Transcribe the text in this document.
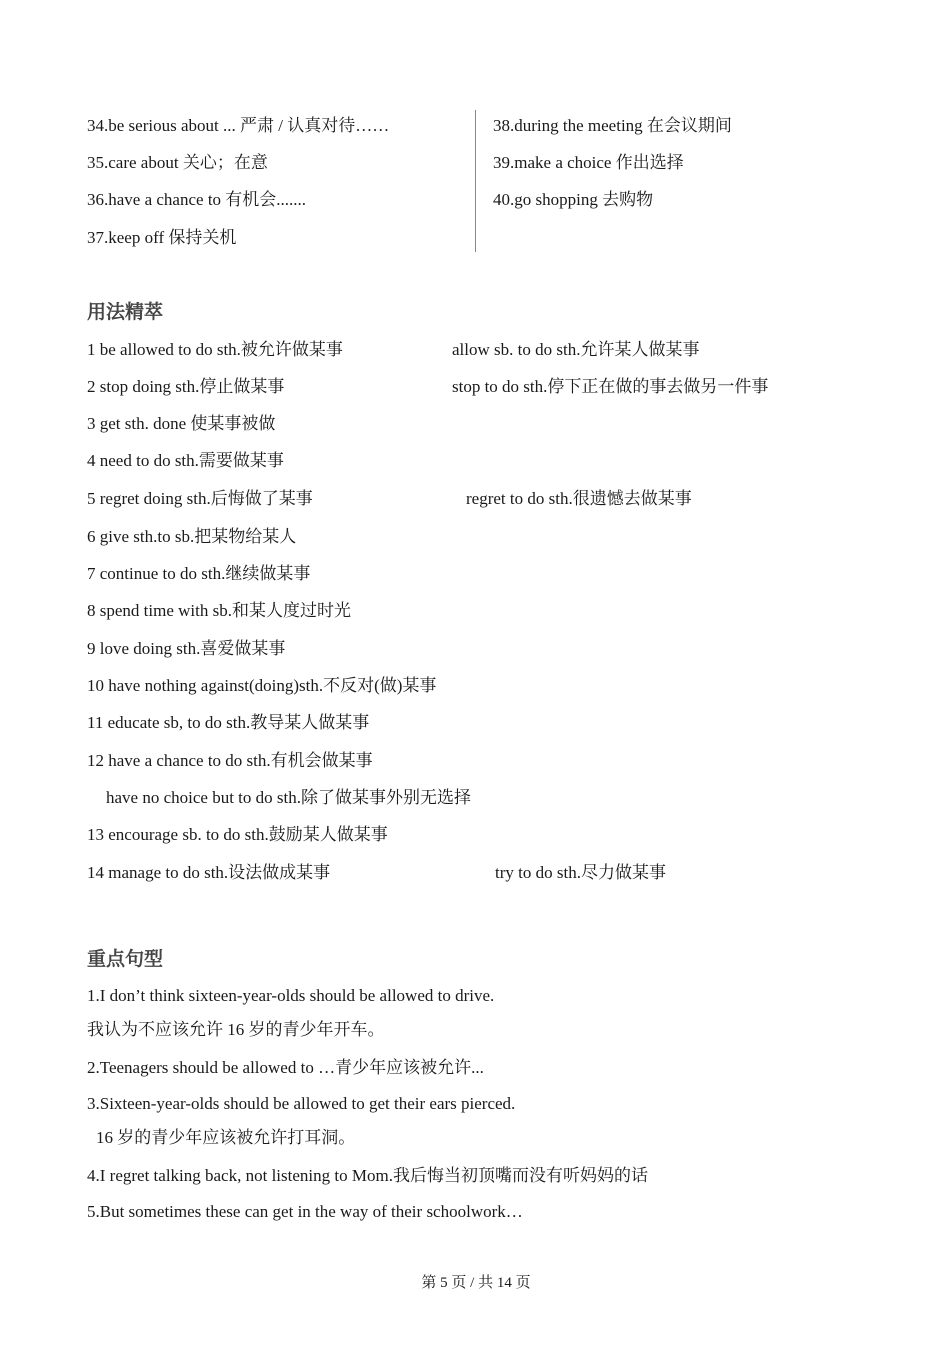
34.be serious about ... 严肃 / 认真对待……
35.care about 关心；在意
36.have a chance to 有机会.......
37.keep off 保持关机
38.during the meeting 在会议期间
39.make a choice 作出选择
40.go shopping 去购物
用法精萃
1 be allowed to do sth.被允许做某事	allow sb. to do sth.允许某人做某事
2 stop doing sth.停止做某事	stop to do sth.停下正在做的事去做另一件事
3 get sth. done 使某事被做
4 need to do sth.需要做某事
5 regret doing sth.后悔做了某事	regret to do sth.很遗憾去做某事
6 give sth.to sb.把某物给某人
7 continue to do sth.继续做某事
8 spend time with sb.和某人度过时光
9 love doing sth.喜爱做某事
10 have nothing against(doing)sth.不反对(做)某事
11 educate sb, to do sth.教导某人做某事
12 have a chance to do sth.有机会做某事
have no choice but to do sth.除了做某事外别无选择
13 encourage sb. to do sth.鼓励某人做某事
14 manage to do sth.设法做成某事	try to do sth.尽力做某事
重点句型
1.I don’t think sixteen-year-olds should be allowed to drive.
我认为不应该允许 16 岁的青少年开车。
2.Teenagers should be allowed to …青少年应该被允许...
3.Sixteen-year-olds should be allowed to get their ears pierced.
16 岁的青少年应该被允许打耳洞。
4.I regret talking back, not listening to Mom.我后悔当初顶嘴而没有听妈妈的话
5.But sometimes these can get in the way of their schoolwork…
第 5 页 / 共 14 页
